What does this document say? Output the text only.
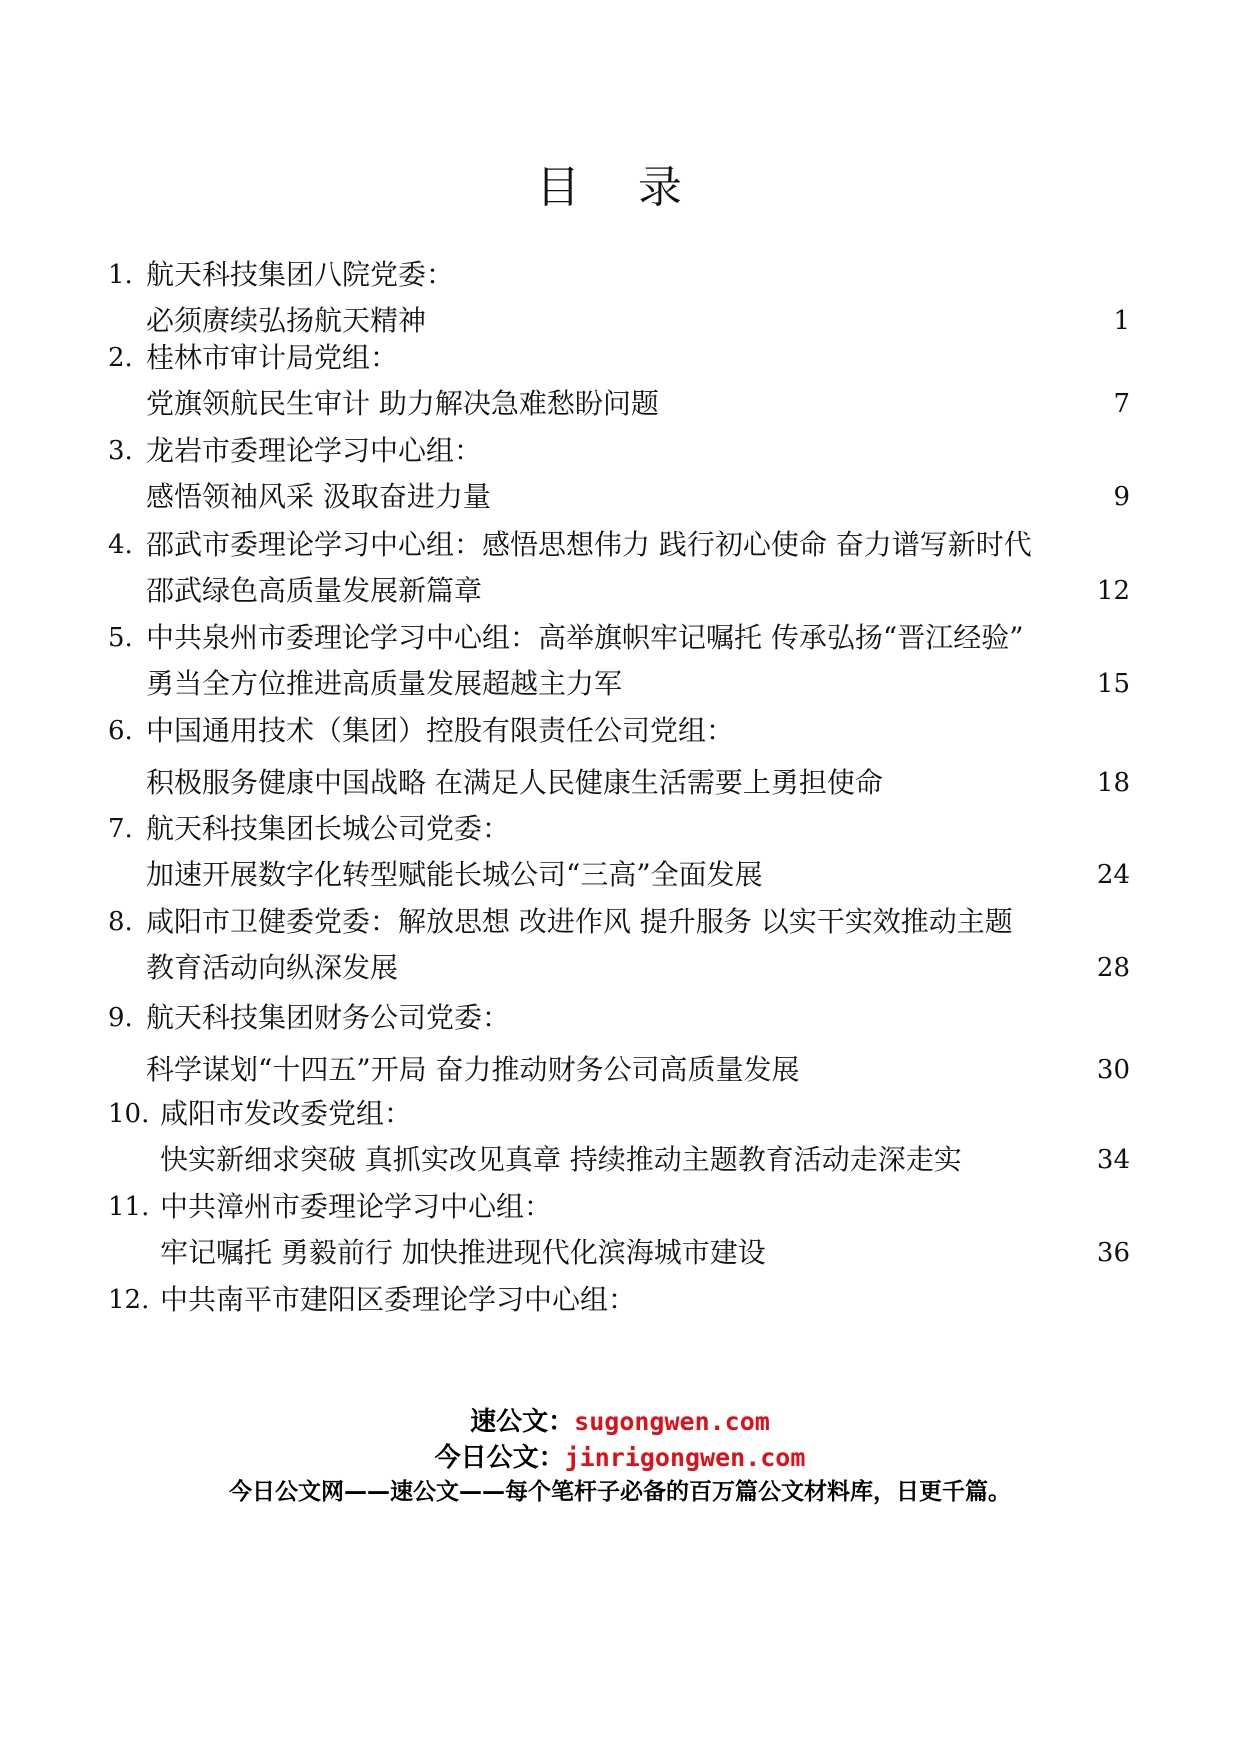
目 录
1. 航天科技集团八院党委：
必须赓续弘扬航天精神	1
2. 桂林市审计局党组：
党旗领航民生审计 助力解决急难愁盼问题	7
3. 龙岩市委理论学习中心组：
感悟领袖风采 汲取奋进力量	9
4. 邵武市委理论学习中心组：感悟思想伟力 践行初心使命 奋力谱写新时代
邵武绿色高质量发展新篇章	12
5. 中共泉州市委理论学习中心组：高举旗帜牢记嘱托 传承弘扬“晋江经验”
勇当全方位推进高质量发展超越主力军	15
6. 中国通用技术（集团）控股有限责任公司党组：
积极服务健康中国战略 在满足人民健康生活需要上勇担使命	18
7. 航天科技集团长城公司党委：
加速开展数字化转型赋能长城公司“三高”全面发展	24
8. 咸阳市卫健委党委：解放思想 改进作风 提升服务 以实干实效推动主题
教育活动向纵深发展	28
9. 航天科技集团财务公司党委：
科学谋划“十四五”开局 奋力推动财务公司高质量发展	30
10. 咸阳市发改委党组：
快实新细求突破 真抓实改见真章 持续推动主题教育活动走深走实	34
11. 中共漳州市委理论学习中心组：
牢记嘱托 勇毅前行 加快推进现代化滨海城市建设	36
12. 中共南平市建阳区委理论学习中心组：
速公文：sugongwen.com
今日公文：jinrigongwen.com
今日公文网——速公文——每个笔杆子必备的百万篇公文材料库，日更千篇。
